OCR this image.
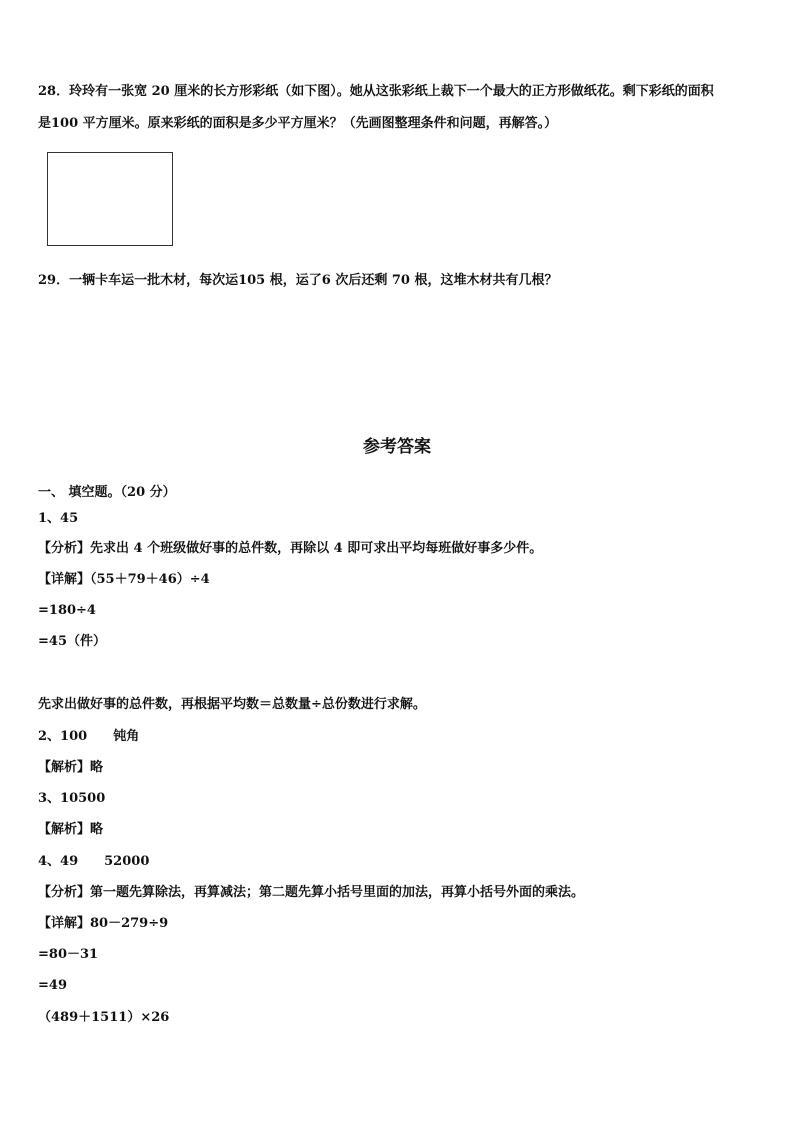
28．玲玲有一张宽 20 厘米的长方形彩纸（如下图）。她从这张彩纸上裁下一个最大的正方形做纸花。剩下彩纸的面积
是100 平方厘米。原来彩纸的面积是多少平方厘米？（先画图整理条件和问题，再解答。）
29．一辆卡车运一批木材，每次运105 根，运了6 次后还剩 70 根，这堆木材共有几根？
参考答案
一、 填空题。（20 分）
1、45
【分析】先求出 4 个班级做好事的总件数，再除以 4 即可求出平均每班做好事多少件。
【详解】（55＋79＋46）÷4
=180÷4
=45（件）
先求出做好事的总件数，再根据平均数＝总数量÷总份数进行求解。
2、100 钝角
【解析】略
3、10500
【解析】略
4、49 52000
【分析】第一题先算除法，再算减法；第二题先算小括号里面的加法，再算小括号外面的乘法。
【详解】80－279÷9
=80－31
=49
（489＋1511）×26
